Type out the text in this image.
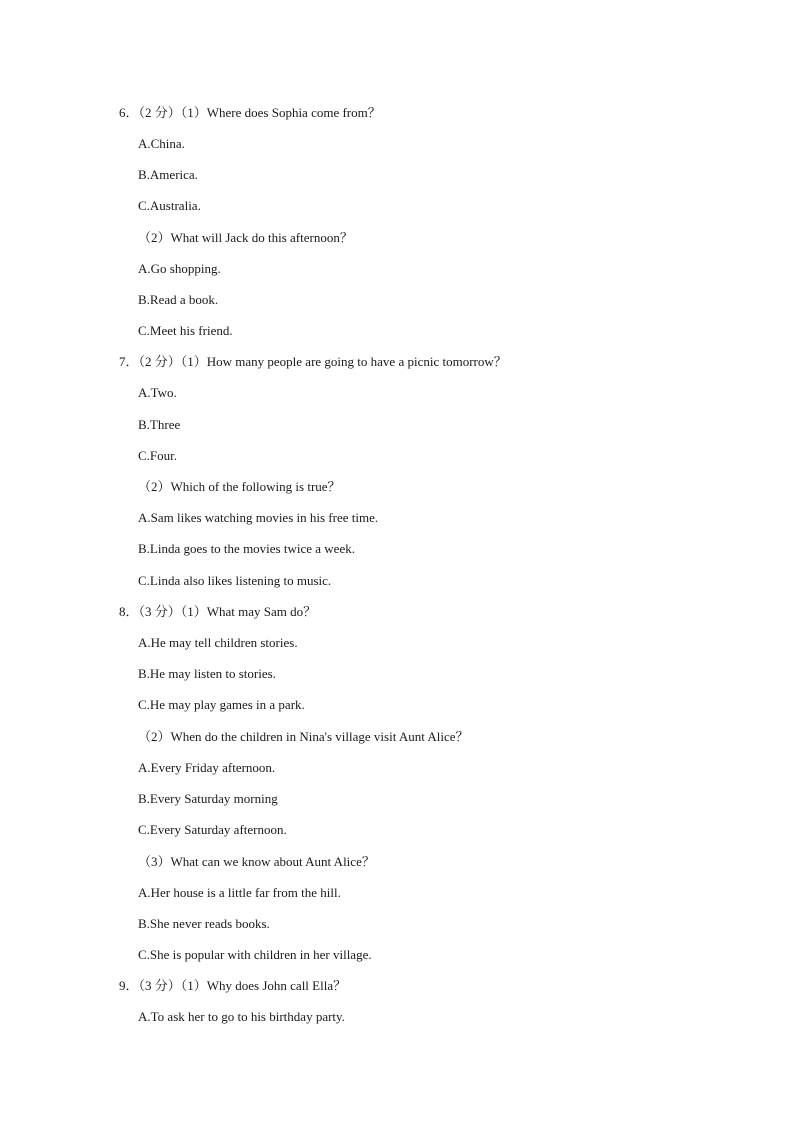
6．（2 分）（1）Where does Sophia come from？
A.China.
B.America.
C.Australia.
（2）What will Jack do this afternoon？
A.Go shopping.
B.Read a book.
C.Meet his friend.
7．（2 分）（1）How many people are going to have a picnic tomorrow？
A.Two.
B.Three
C.Four.
（2）Which of the following is true？
A.Sam likes watching movies in his free time.
B.Linda goes to the movies twice a week.
C.Linda also likes listening to music.
8．（3 分）（1）What may Sam do？
A.He may tell children stories.
B.He may listen to stories.
C.He may play games in a park.
（2）When do the children in Nina's village visit Aunt Alice？
A.Every Friday afternoon.
B.Every Saturday morning
C.Every Saturday afternoon.
（3）What can we know about Aunt Alice？
A.Her house is a little far from the hill.
B.She never reads books.
C.She is popular with children in her village.
9．（3 分）（1）Why does John call Ella？
A.To ask her to go to his birthday party.
